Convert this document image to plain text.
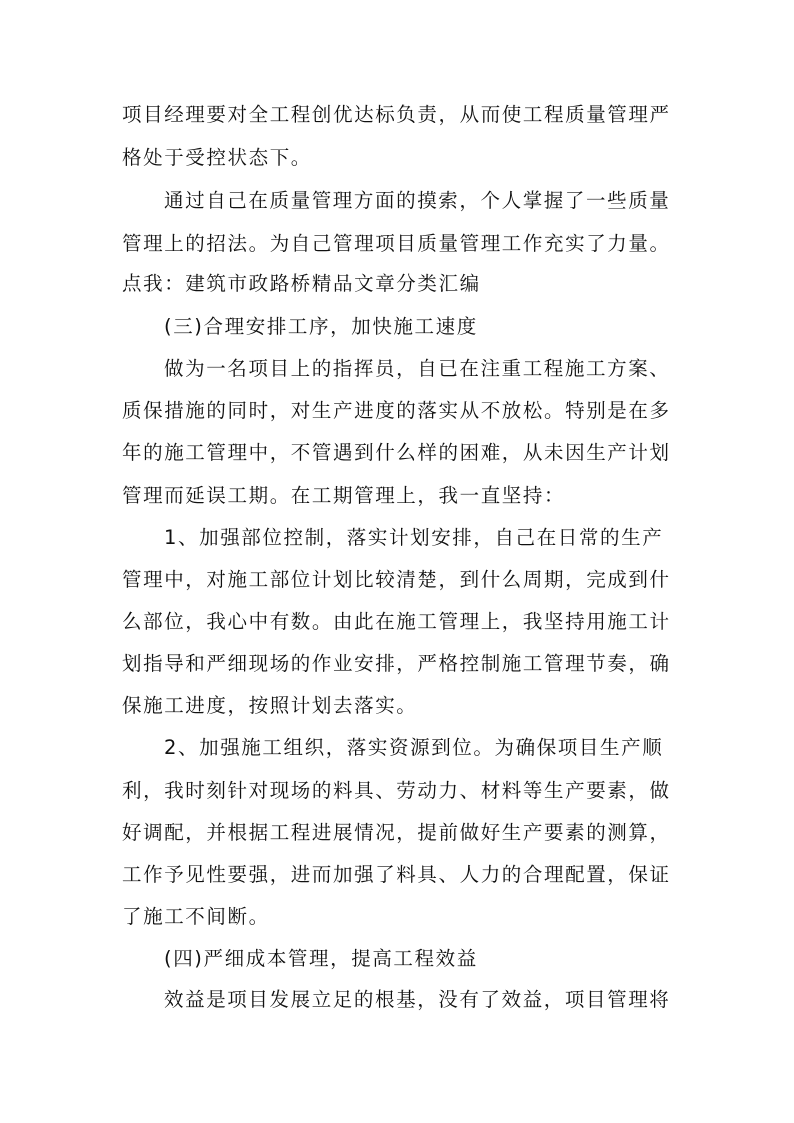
项目经理要对全工程创优达标负责，从而使工程质量管理严
格处于受控状态下。
通过自己在质量管理方面的摸索，个人掌握了一些质量
管理上的招法。为自己管理项目质量管理工作充实了力量。
点我：建筑市政路桥精品文章分类汇编
(三)合理安排工序，加快施工速度
做为一名项目上的指挥员，自已在注重工程施工方案、
质保措施的同时，对生产进度的落实从不放松。特别是在多
年的施工管理中，不管遇到什么样的困难，从未因生产计划
管理而延误工期。在工期管理上，我一直坚持：
1、加强部位控制，落实计划安排，自己在日常的生产
管理中，对施工部位计划比较清楚，到什么周期，完成到什
么部位，我心中有数。由此在施工管理上，我坚持用施工计
划指导和严细现场的作业安排，严格控制施工管理节奏，确
保施工进度，按照计划去落实。
2、加强施工组织，落实资源到位。为确保项目生产顺
利，我时刻针对现场的料具、劳动力、材料等生产要素，做
好调配，并根据工程进展情况，提前做好生产要素的测算，
工作予见性要强，进而加强了料具、人力的合理配置，保证
了施工不间断。
(四)严细成本管理，提高工程效益
效益是项目发展立足的根基，没有了效益，项目管理将
